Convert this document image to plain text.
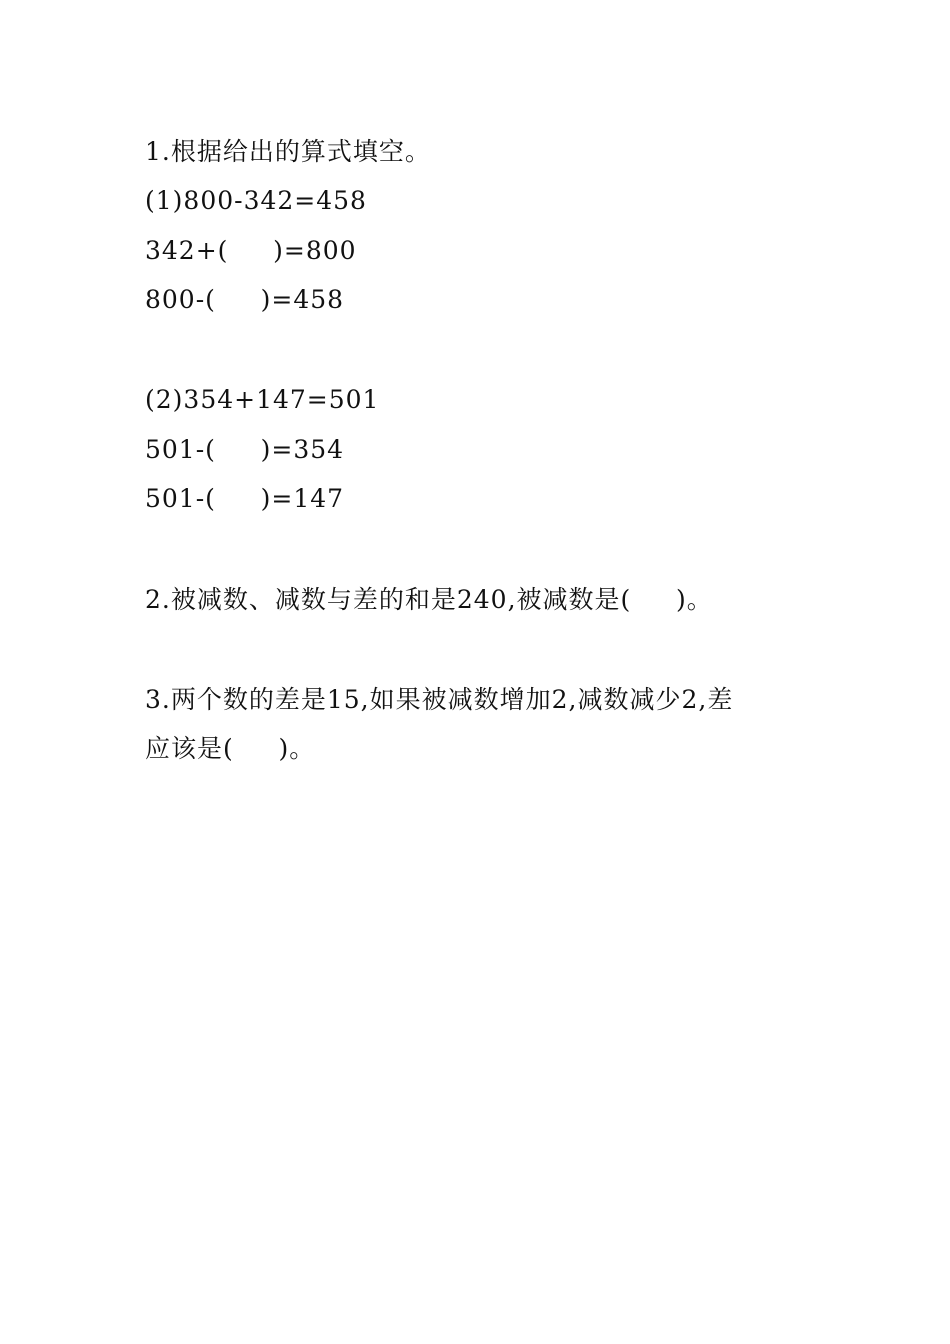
1.根据给出的算式填空。
(1)800-342=458
342+(     )=800
800-(     )=458
(2)354+147=501
501-(     )=354
501-(     )=147
2.被减数、减数与差的和是240,被减数是(     )。
3.两个数的差是15,如果被减数增加2,减数减少2,差
应该是(     )。
